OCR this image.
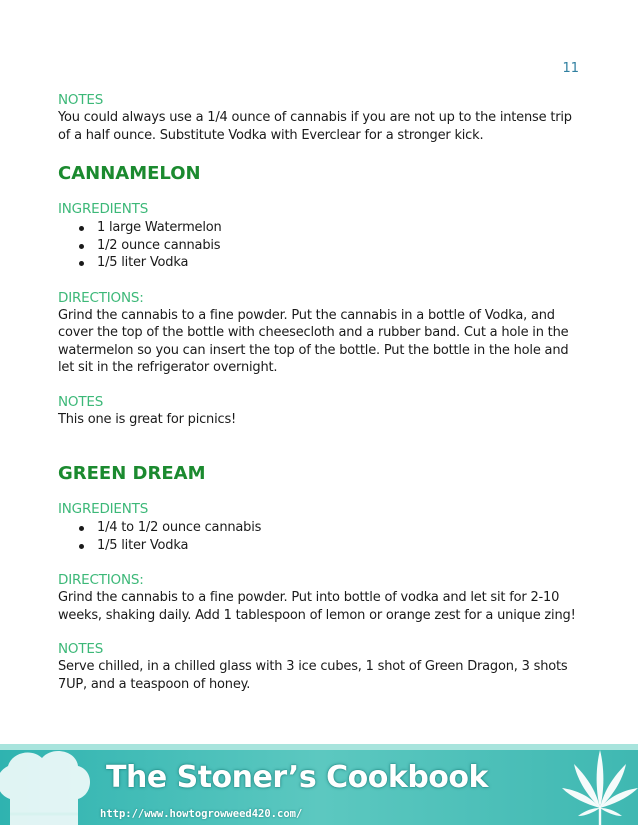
11

NOTES

You could always use a 1/4 ounce of cannabis if you are not up to the intense trip of a half ounce. Substitute Vodka with Everclear for a stronger kick.

CANNAMELON

INGREDIENTS

1 large Watermelon
1/2 ounce cannabis
1/5 liter Vodka

DIRECTIONS:

Grind the cannabis to a fine powder. Put the cannabis in a bottle of Vodka, and cover the top of the bottle with cheesecloth and a rubber band. Cut a hole in the watermelon so you can insert the top of the bottle. Put the bottle in the hole and let sit in the refrigerator overnight.

NOTES

This one is great for picnics!

GREEN DREAM

INGREDIENTS

1/4 to 1/2 ounce cannabis
1/5 liter Vodka

DIRECTIONS:

Grind the cannabis to a fine powder. Put into bottle of vodka and let sit for 2-10 weeks, shaking daily. Add 1 tablespoon of lemon or orange zest for a unique zing!

NOTES

Serve chilled, in a chilled glass with 3 ice cubes, 1 shot of Green Dragon, 3 shots 7UP, and a teaspoon of honey.

The Stoner’s Cookbook
http://www.howtogrowweed420.com/
